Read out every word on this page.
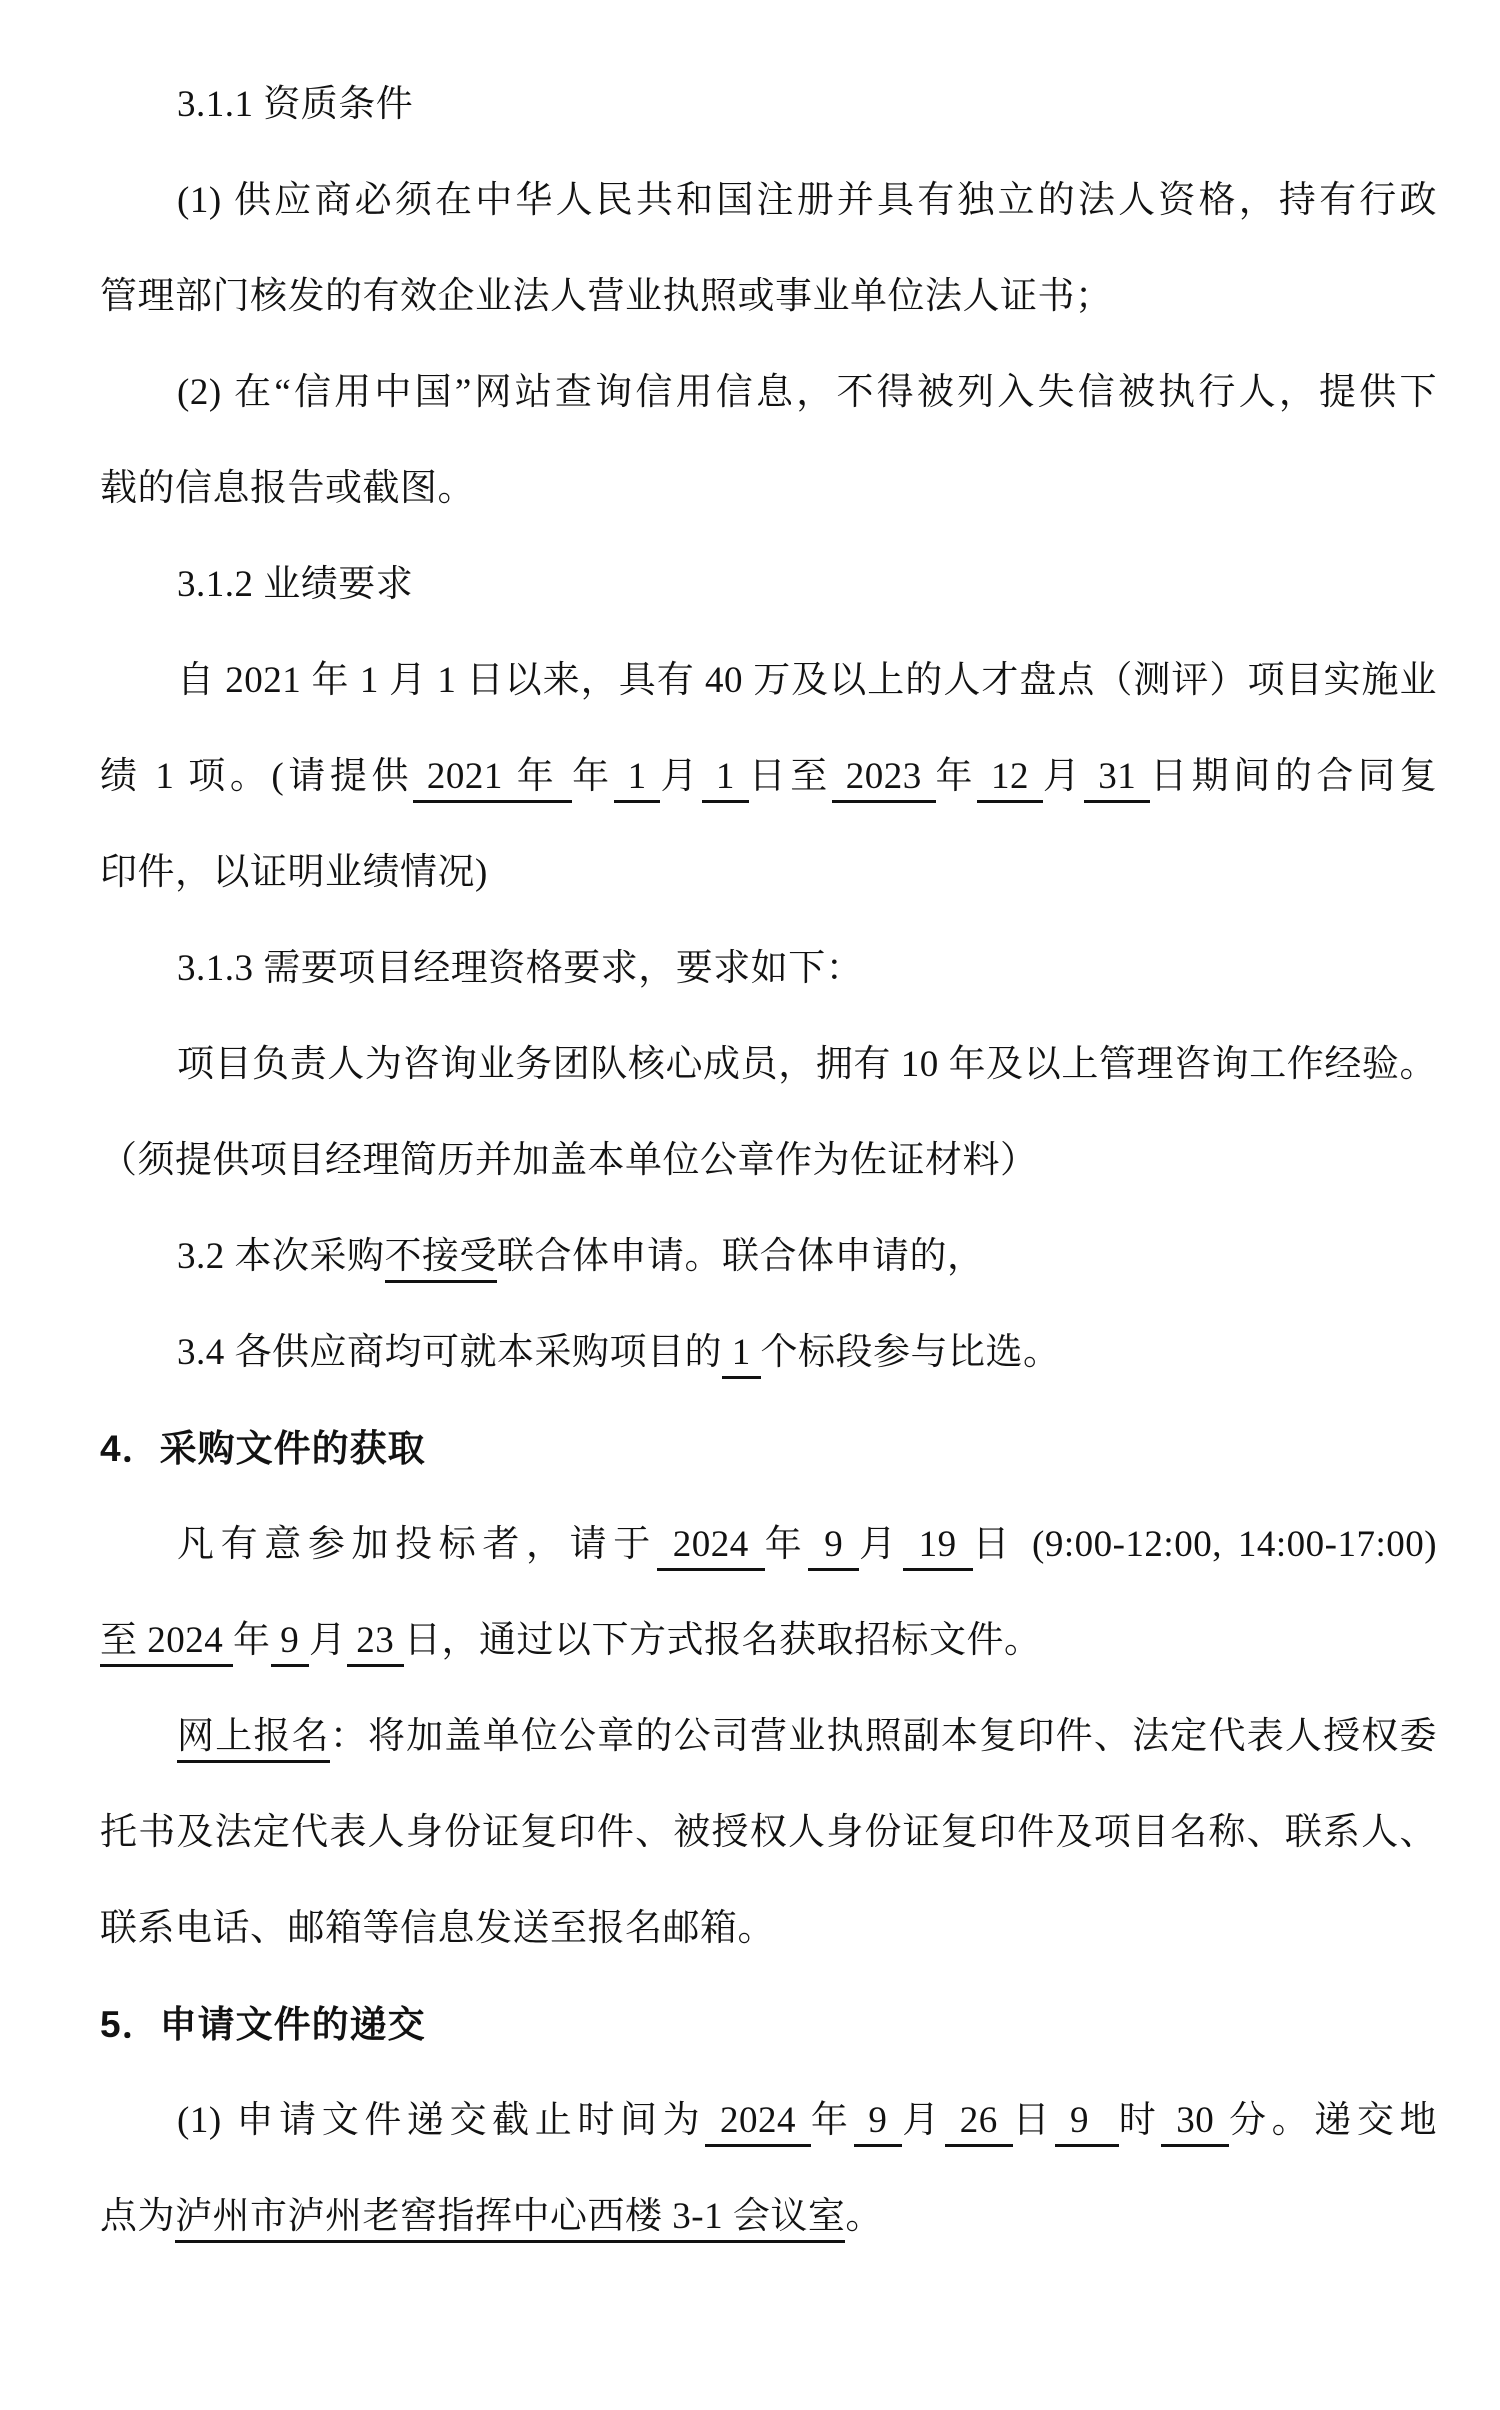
3.1.1 资质条件
(1) 供应商必须在中华人民共和国注册并具有独立的法人资格，持有行政
管理部门核发的有效企业法人营业执照或事业单位法人证书；
(2) 在“信用中国”网站查询信用信息，不得被列入失信被执行人，提供下
载的信息报告或截图。
3.1.2 业绩要求
自 2021 年 1 月 1 日以来，具有 40 万及以上的人才盘点（测评）项目实施业
绩 1 项。(请提供 2021 年 年 1 月 1 日至 2023 年 12 月 31 日期间的合同复
印件，以证明业绩情况)
3.1.3 需要项目经理资格要求，要求如下：
项目负责人为咨询业务团队核心成员，拥有 10 年及以上管理咨询工作经验。
（须提供项目经理简历并加盖本单位公章作为佐证材料）
3.2 本次采购不接受联合体申请。联合体申请的，
3.4 各供应商均可就本采购项目的 1 个标段参与比选。
4．采购文件的获取
凡有意参加投标者，请于 2024 年 9 月 19 日 (9:00-12:00, 14:00-17:00)
至 2024 年 9 月 23 日，通过以下方式报名获取招标文件。
网上报名：将加盖单位公章的公司营业执照副本复印件、法定代表人授权委
托书及法定代表人身份证复印件、被授权人身份证复印件及项目名称、联系人、
联系电话、邮箱等信息发送至报名邮箱。
5．申请文件的递交
(1) 申请文件递交截止时间为 2024 年 9 月 26 日 9  时 30 分。递交地
点为泸州市泸州老窖指挥中心西楼 3-1 会议室。
